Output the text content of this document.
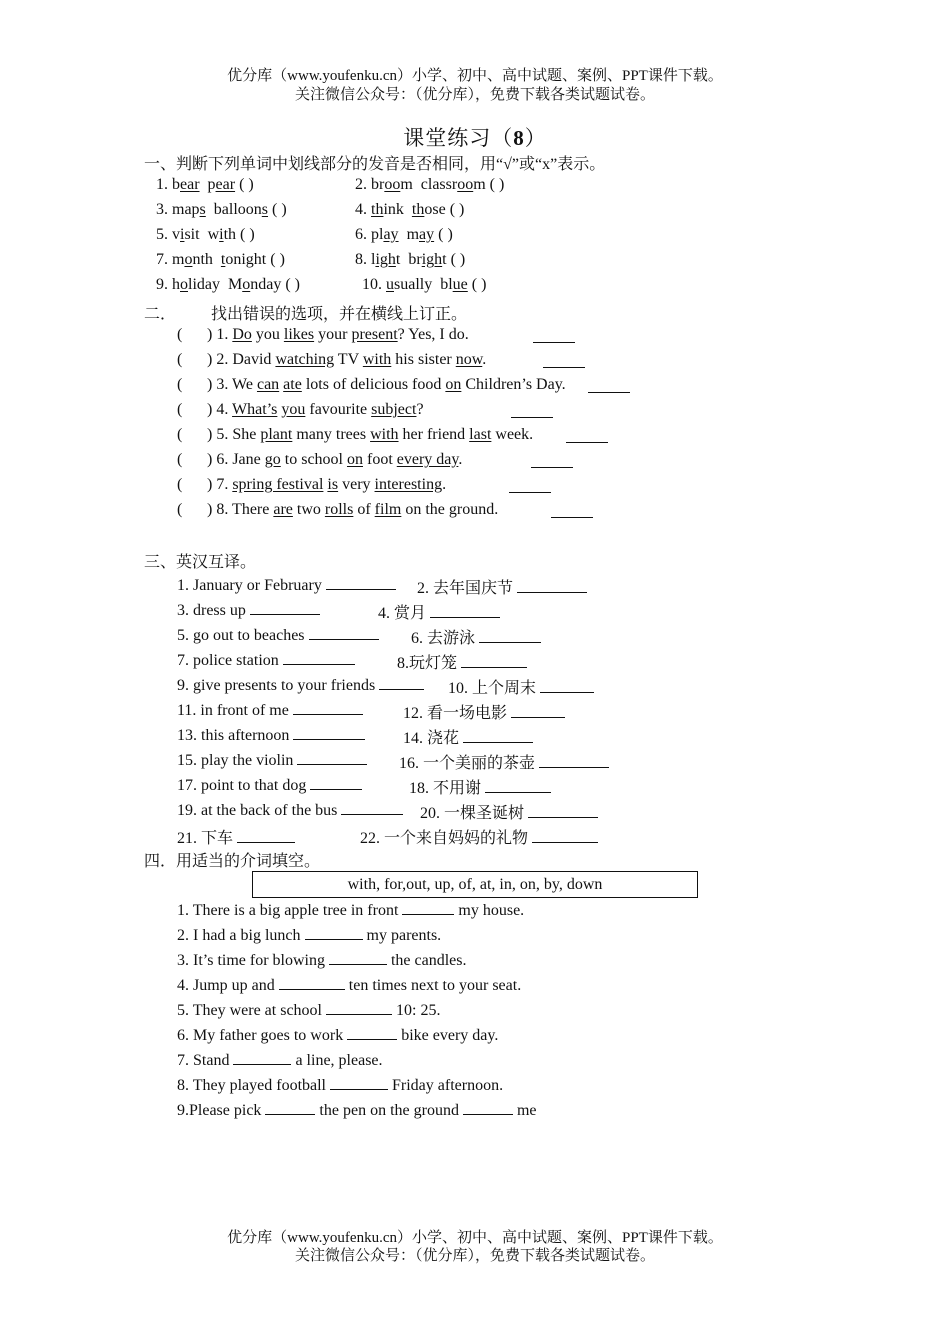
优分库（www.youfenku.cn）小学、初中、高中试题、案例、PPT课件下载。
关注微信公众号：（优分库），免费下载各类试题试卷。
课堂练习（8）
一、判断下列单词中划线部分的发音是否相同，用“√”或“x”表示。
1. bear pear ( )	2. broom classroom ( )
3. maps balloons ( )	4. think those ( )
5. visit with ( )	6. play may ( )
7. month tonight ( )	8. light bright ( )
9. holiday Monday ( )	10. usually blue ( )
二． 找出错误的选项，并在横线上订正。
( ) 1. Do you likes your present? Yes, I do.
( ) 2. David watching TV with his sister now.
( ) 3. We can ate lots of delicious food on Children’s Day.
( ) 4. What’s you favourite subject?
( ) 5. She plant many trees with her friend last week.
( ) 6. Jane go to school on foot every day.
( ) 7. spring festival is very interesting.
( ) 8. There are two rolls of film on the ground.
三、英汉互译。
1. January or February	2. 去年国庆节
3. dress up	4. 赏月
5. go out to beaches	6. 去游泳
7. police station	8.玩灯笼
9. give presents to your friends	10. 上个周末
11. in front of me	12. 看一场电影
13. this afternoon	14. 浇花
15. play the violin	16. 一个美丽的茶壶
17. point to that dog	18. 不用谢
19. at the back of the bus	20. 一棵圣诞树
21. 下车	22. 一个来自妈妈的礼物
四．用适当的介词填空。
with, for,out, up, of, at, in, on, by, down
1. There is a big apple tree in front	my house.
2. I had a big lunch	my parents.
3. It’s time for blowing	the candles.
4. Jump up and	ten times next to your seat.
5. They were at school	10: 25.
6. My father goes to work	bike every day.
7. Stand	a line, please.
8. They played football	Friday afternoon.
9.Please pick	the pen on the ground	me
优分库（www.youfenku.cn）小学、初中、高中试题、案例、PPT课件下载。
关注微信公众号：（优分库），免费下载各类试题试卷。
